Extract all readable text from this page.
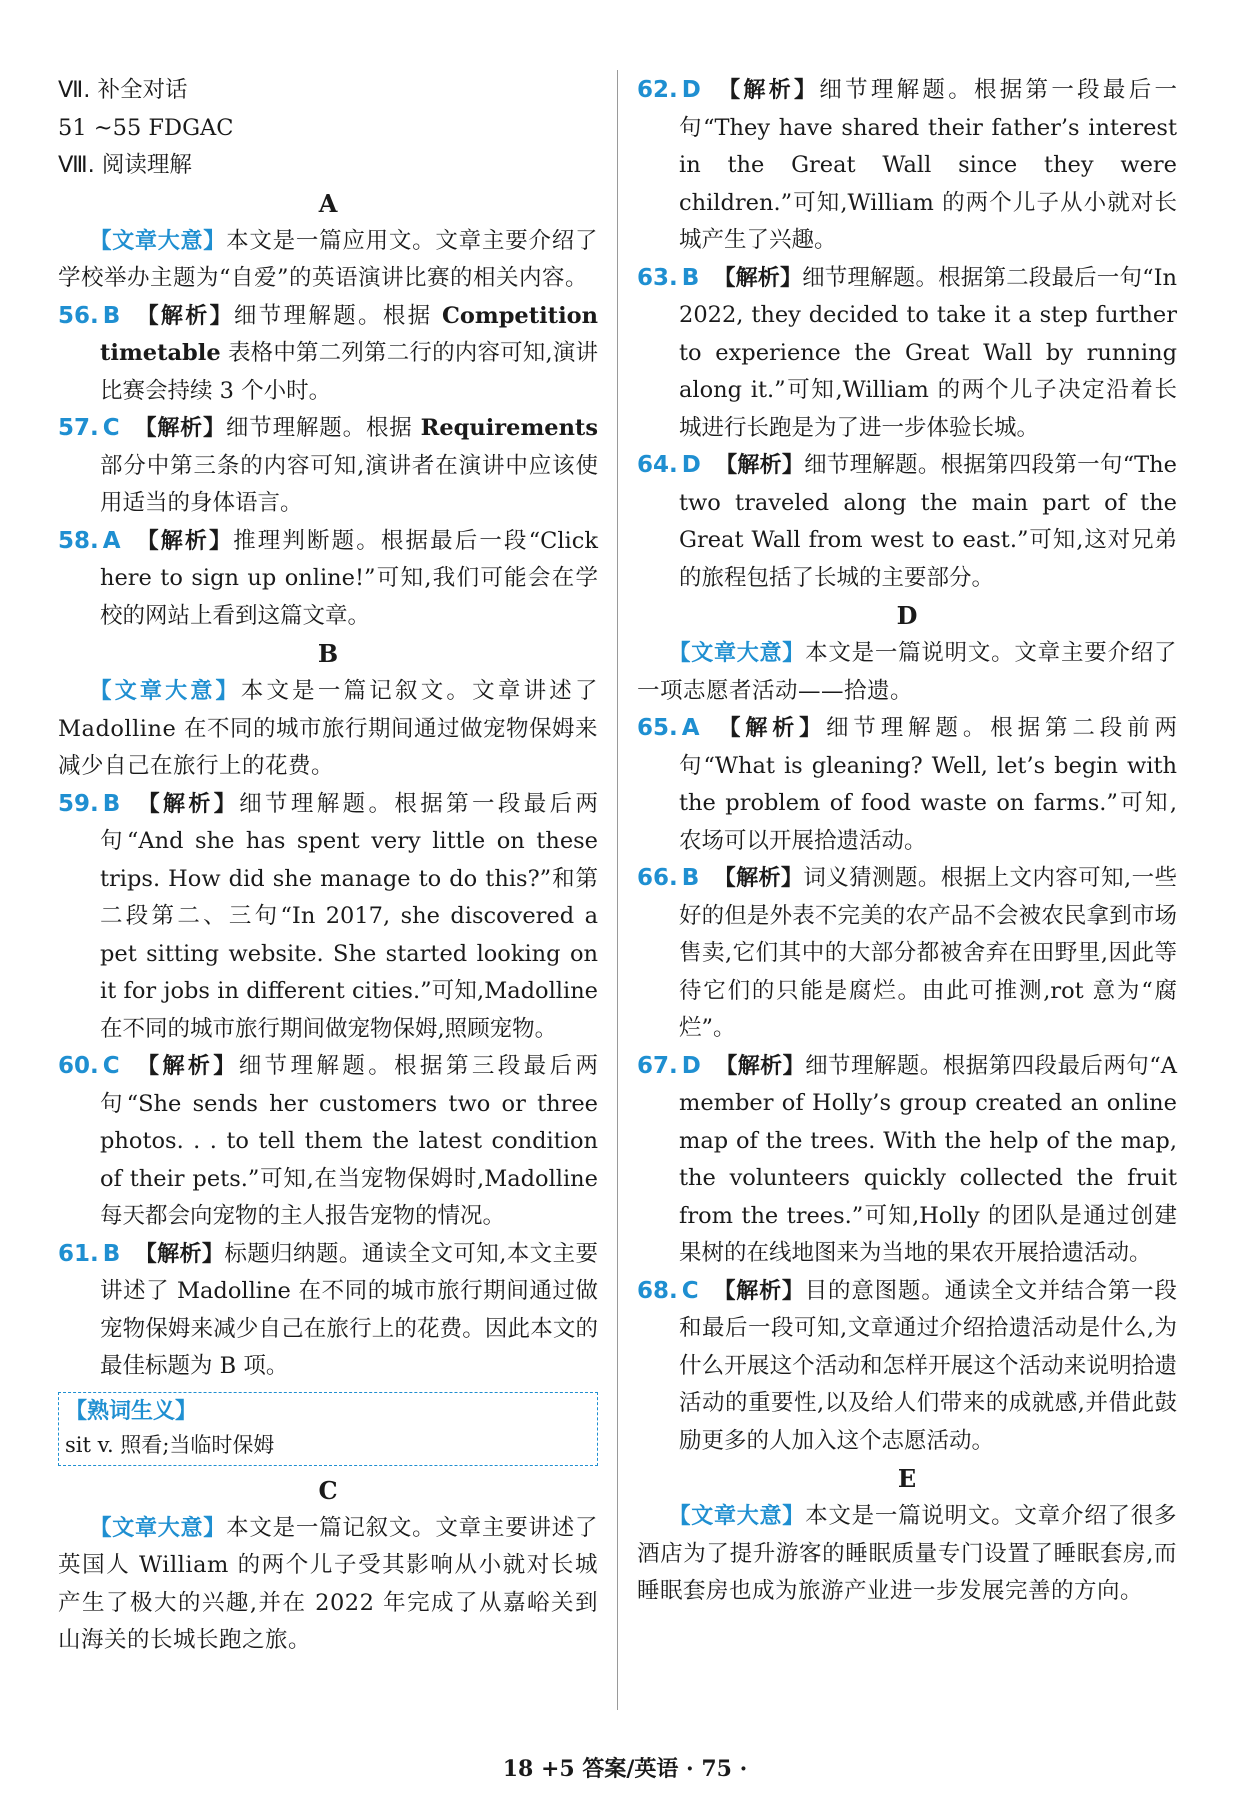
Ⅶ. 补全对话
51 ~55 FDGAC
Ⅷ. 阅读理解
A
【文章大意】本文是一篇应用文。文章主要介绍了学校举办主题为“自爱”的英语演讲比赛的相关内容。
56. B 【解析】细节理解题。根据 Competition timetable 表格中第二列第二行的内容可知,演讲比赛会持续 3 个小时。
57. C 【解析】细节理解题。根据 Requirements 部分中第三条的内容可知,演讲者在演讲中应该使用适当的身体语言。
58. A 【解析】推理判断题。根据最后一段“Click here to sign up online!”可知,我们可能会在学校的网站上看到这篇文章。
B
【文章大意】本文是一篇记叙文。文章讲述了 Madolline 在不同的城市旅行期间通过做宠物保姆来减少自己在旅行上的花费。
59. B 【解析】细节理解题。根据第一段最后两句“And she has spent very little on these trips. How did she manage to do this?”和第二段第二、三句“In 2017, she discovered a pet sitting website. She started looking on it for jobs in different cities.”可知,Madolline 在不同的城市旅行期间做宠物保姆,照顾宠物。
60. C 【解析】细节理解题。根据第三段最后两句“She sends her customers two or three photos. . . to tell them the latest condition of their pets.”可知,在当宠物保姆时,Madolline 每天都会向宠物的主人报告宠物的情况。
61. B 【解析】标题归纳题。通读全文可知,本文主要讲述了 Madolline 在不同的城市旅行期间通过做宠物保姆来减少自己在旅行上的花费。因此本文的最佳标题为 B 项。
【熟词生义】
sit v. 照看;当临时保姆
C
【文章大意】本文是一篇记叙文。文章主要讲述了英国人 William 的两个儿子受其影响从小就对长城产生了极大的兴趣,并在 2022 年完成了从嘉峪关到山海关的长城长跑之旅。
62. D 【解析】细节理解题。根据第一段最后一句“They have shared their father’s interest in the Great Wall since they were children.”可知,William 的两个儿子从小就对长城产生了兴趣。
63. B 【解析】细节理解题。根据第二段最后一句“In 2022, they decided to take it a step further to experience the Great Wall by running along it.”可知,William 的两个儿子决定沿着长城进行长跑是为了进一步体验长城。
64. D 【解析】细节理解题。根据第四段第一句“The two traveled along the main part of the Great Wall from west to east.”可知,这对兄弟的旅程包括了长城的主要部分。
D
【文章大意】本文是一篇说明文。文章主要介绍了一项志愿者活动——拾遗。
65. A 【解析】细节理解题。根据第二段前两句“What is gleaning? Well, let’s begin with the problem of food waste on farms.”可知,农场可以开展拾遗活动。
66. B 【解析】词义猜测题。根据上文内容可知,一些好的但是外表不完美的农产品不会被农民拿到市场售卖,它们其中的大部分都被舍弃在田野里,因此等待它们的只能是腐烂。由此可推测,rot 意为“腐烂”。
67. D 【解析】细节理解题。根据第四段最后两句“A member of Holly’s group created an online map of the trees. With the help of the map, the volunteers quickly collected the fruit from the trees.”可知,Holly 的团队是通过创建果树的在线地图来为当地的果农开展拾遗活动。
68. C 【解析】目的意图题。通读全文并结合第一段和最后一段可知,文章通过介绍拾遗活动是什么,为什么开展这个活动和怎样开展这个活动来说明拾遗活动的重要性,以及给人们带来的成就感,并借此鼓励更多的人加入这个志愿活动。
E
【文章大意】本文是一篇说明文。文章介绍了很多酒店为了提升游客的睡眠质量专门设置了睡眠套房,而睡眠套房也成为旅游产业进一步发展完善的方向。
18 +5 答案/英语 · 75 ·
